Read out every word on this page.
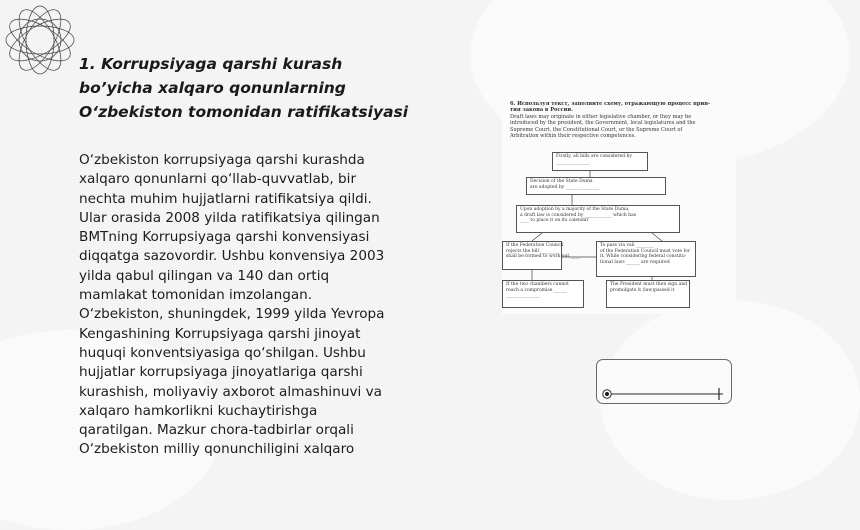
1. Korrupsiyaga qarshi kurash
bo’yicha xalqaro qonunlarning
O‘zbekiston tomonidan ratifikatsiyasi
O‘zbekiston korrupsiyaga qarshi kurashda
xalqaro qonunlarni qo‘llab-quvvatlab, bir
nechta muhim hujjatlarni ratifikatsiya qildi.
Ular orasida 2008 yilda ratifikatsiya qilingan
BMTning Korrupsiyaga qarshi konvensiyasi
diqqatga sazovordir. Ushbu konvensiya 2003
yilda qabul qilingan va 140 dan ortiq
mamlakat tomonidan imzolangan.
O‘zbekiston, shuningdek, 1999 yilda Yevropa
Kengashining Korrupsiyaga qarshi jinoyat
huquqi konventsiyasiga qo‘shilgan. Ushbu
hujjatlar korrupsiyaga jinoyatlariga qarshi
kurashish, moliyaviy axborot almashinuvi va
xalqaro hamkorlikni kuchaytirishga
qaratilgan. Mazkur chora-tadbirlar orqali
O‘zbekiston milliy qonunchiligini xalqaro
6. Используя текст, заполните схему, отражающую процесс прин-
тия закона в России.
Draft laws may originate in either legislative chamber, or they may be
introduced by the president, the Government, local legislatures and the
Supreme Court, the Constitutional Court, or the Supreme Court of
Arbitration within their respective competences.
Firstly, all bills are considered by
_______________
Decision of the State Duma
are adopted by _______________
Upon adoption by a majority of the State Duma,
a draft law is considered by ____________ which has
____ to place it on its calendar
If the Federation Council
rejects the bill ________
shall be formed to work out ____
To pass via vali ________
of the Federation Council must vote for
it. While considering federal constitu-
tional laws ______ are required
If the two chambers cannot
reach a compromise ______
_______________
The President must then sign and
promulgate it (law)passed it
